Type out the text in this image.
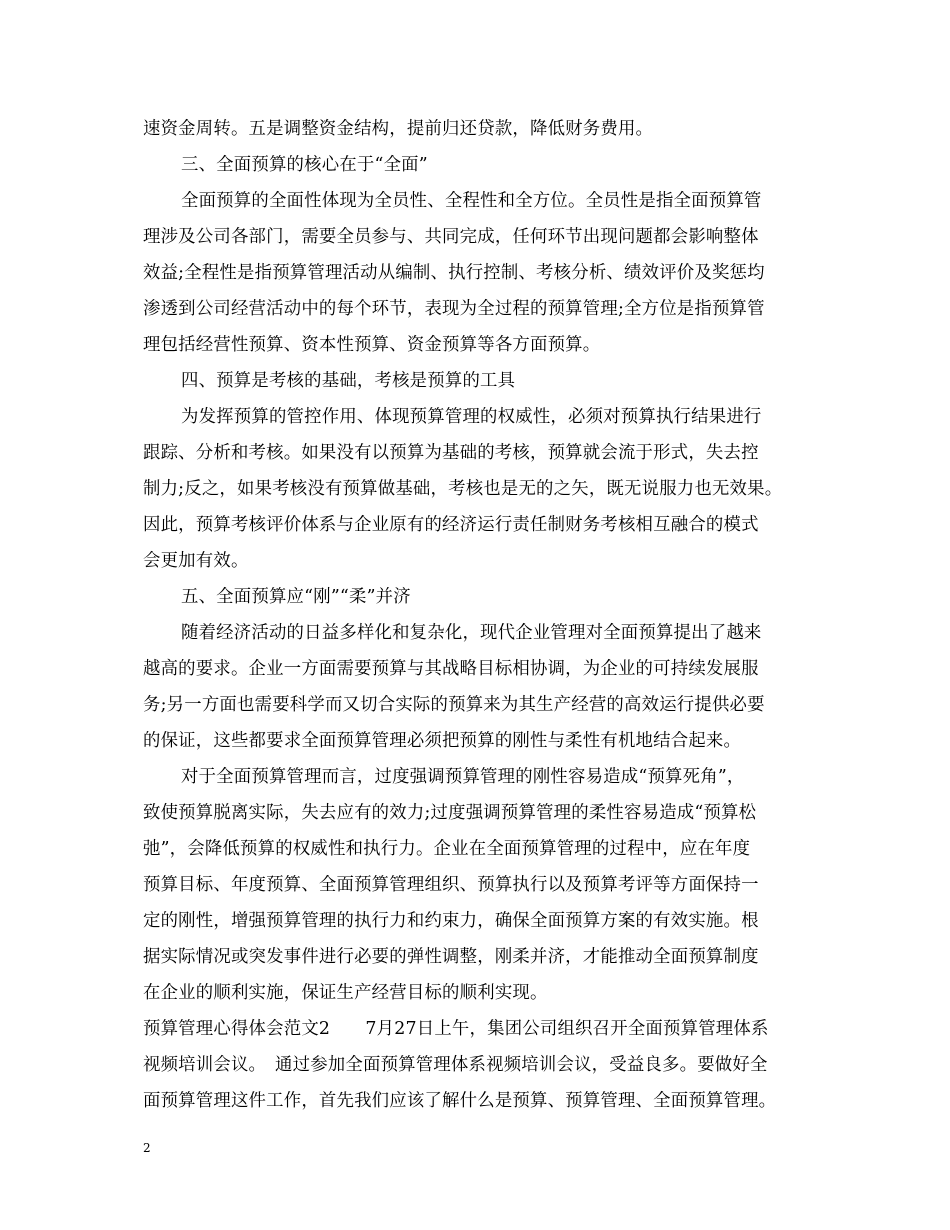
速资金周转。五是调整资金结构，提前归还贷款，降低财务费用。
三、全面预算的核心在于“全面”
全面预算的全面性体现为全员性、全程性和全方位。全员性是指全面预算管
理涉及公司各部门，需要全员参与、共同完成，任何环节出现问题都会影响整体
效益;全程性是指预算管理活动从编制、执行控制、考核分析、绩效评价及奖惩均
渗透到公司经营活动中的每个环节，表现为全过程的预算管理;全方位是指预算管
理包括经营性预算、资本性预算、资金预算等各方面预算。
四、预算是考核的基础，考核是预算的工具
为发挥预算的管控作用、体现预算管理的权威性，必须对预算执行结果进行
跟踪、分析和考核。如果没有以预算为基础的考核，预算就会流于形式，失去控
制力;反之，如果考核没有预算做基础，考核也是无的之矢，既无说服力也无效果。
因此，预算考核评价体系与企业原有的经济运行责任制财务考核相互融合的模式
会更加有效。
五、全面预算应“刚”“柔”并济
随着经济活动的日益多样化和复杂化，现代企业管理对全面预算提出了越来
越高的要求。企业一方面需要预算与其战略目标相协调，为企业的可持续发展服
务;另一方面也需要科学而又切合实际的预算来为其生产经营的高效运行提供必要
的保证，这些都要求全面预算管理必须把预算的刚性与柔性有机地结合起来。
对于全面预算管理而言，过度强调预算管理的刚性容易造成“预算死角”，
致使预算脱离实际，失去应有的效力;过度强调预算管理的柔性容易造成“预算松
弛”，会降低预算的权威性和执行力。企业在全面预算管理的过程中，应在年度
预算目标、年度预算、全面预算管理组织、预算执行以及预算考评等方面保持一
定的刚性，增强预算管理的执行力和约束力，确保全面预算方案的有效实施。根
据实际情况或突发事件进行必要的弹性调整，刚柔并济，才能推动全面预算制度
在企业的顺利实施，保证生产经营目标的顺利实现。
预算管理心得体会范文2　　7月27日上午，集团公司组织召开全面预算管理体系
视频培训会议。　通过参加全面预算管理体系视频培训会议，受益良多。要做好全
面预算管理这件工作，首先我们应该了解什么是预算、预算管理、全面预算管理。
2
